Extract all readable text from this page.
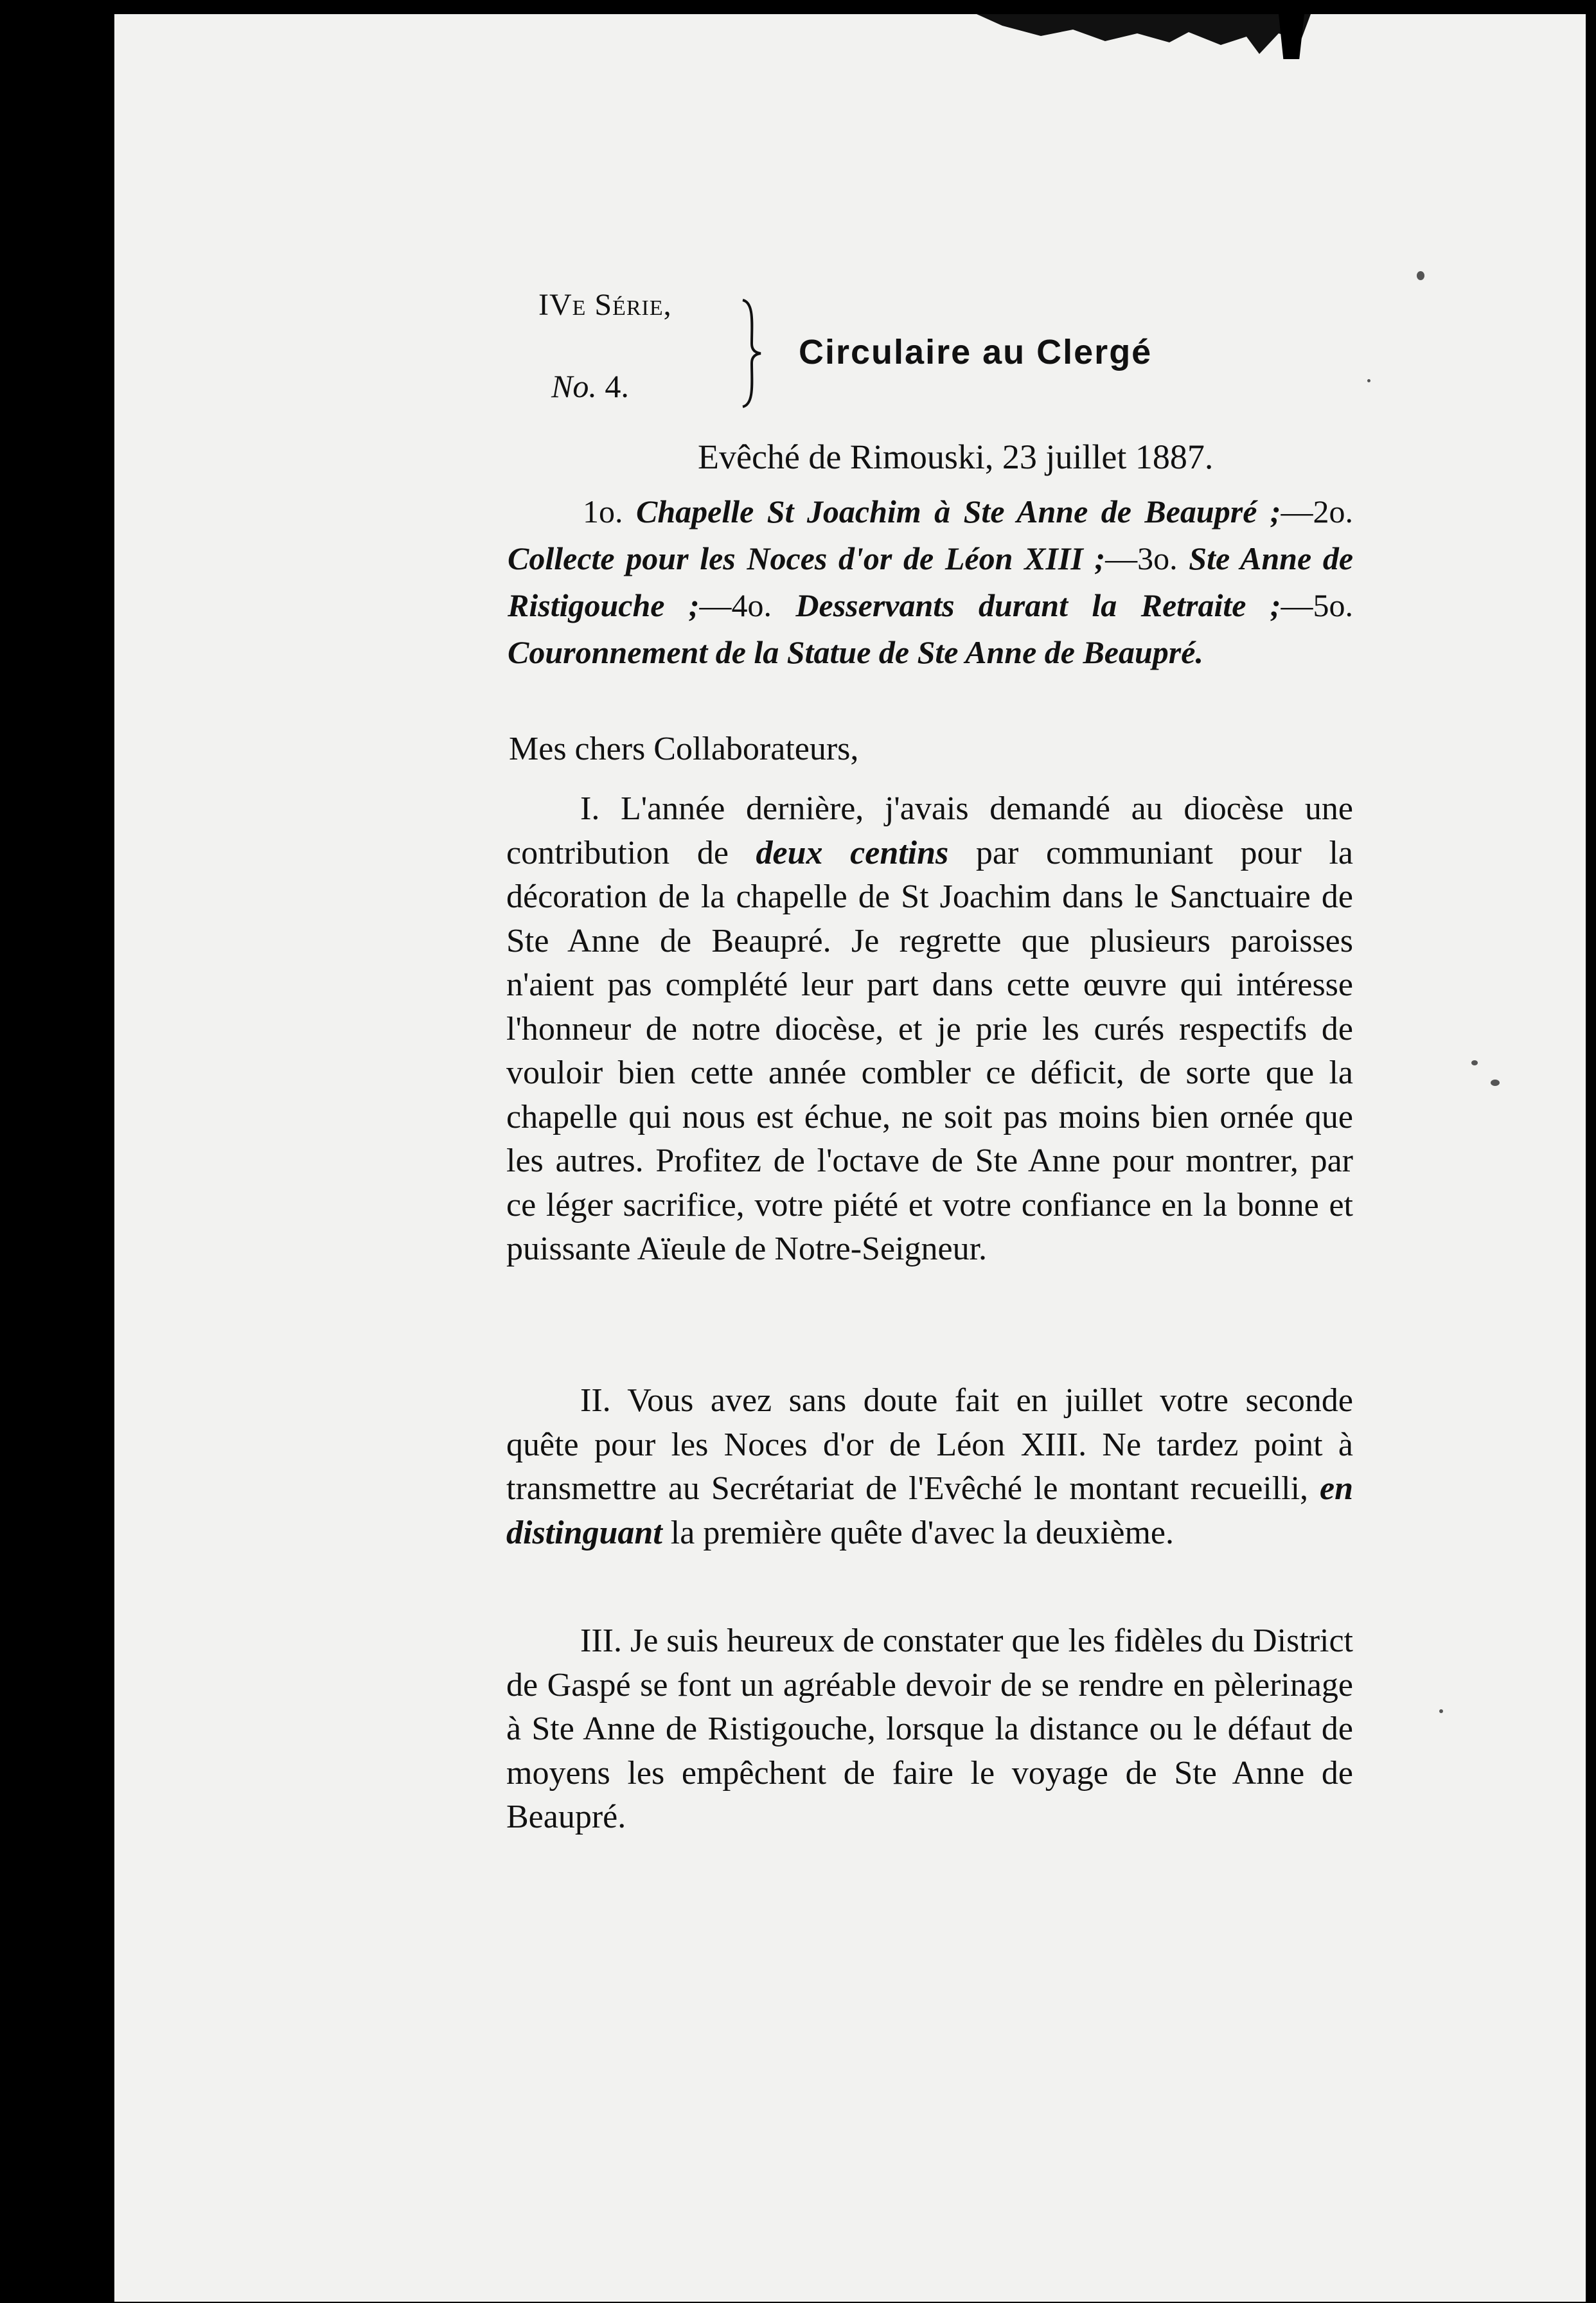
IVe Série,
No. 4.
Circulaire au Clergé
Evêché de Rimouski, 23 juillet 1887.
1o. Chapelle St Joachim à Ste Anne de Beaupré ;—2o. Collecte pour les Noces d'or de Léon XIII ;—3o. Ste Anne de Ristigouche ;—4o. Desservants durant la Retraite ;—5o. Couronnement de la Statue de Ste Anne de Beaupré.
Mes chers Collaborateurs,

I. L'année dernière, j'avais demandé au diocèse une contribution de deux centins par communiant pour la décoration de la chapelle de St Joachim dans le Sanctuaire de Ste Anne de Beaupré. Je regrette que plusieurs paroisses n'aient pas complété leur part dans cette œuvre qui intéresse l'honneur de notre diocèse, et je prie les curés respectifs de vouloir bien cette année combler ce déficit, de sorte que la chapelle qui nous est échue, ne soit pas moins bien ornée que les autres. Profitez de l'octave de Ste Anne pour montrer, par ce léger sacrifice, votre piété et votre confiance en la bonne et puissante Aïeule de Notre-Seigneur.

II. Vous avez sans doute fait en juillet votre seconde quête pour les Noces d'or de Léon XIII. Ne tardez point à transmettre au Secrétariat de l'Evêché le montant recueilli, en distinguant la première quête d'avec la deuxième.

III. Je suis heureux de constater que les fidèles du District de Gaspé se font un agréable devoir de se rendre en pèlerinage à Ste Anne de Ristigouche, lorsque la distance ou le défaut de moyens les empêchent de faire le voyage de Ste Anne de Beaupré.
